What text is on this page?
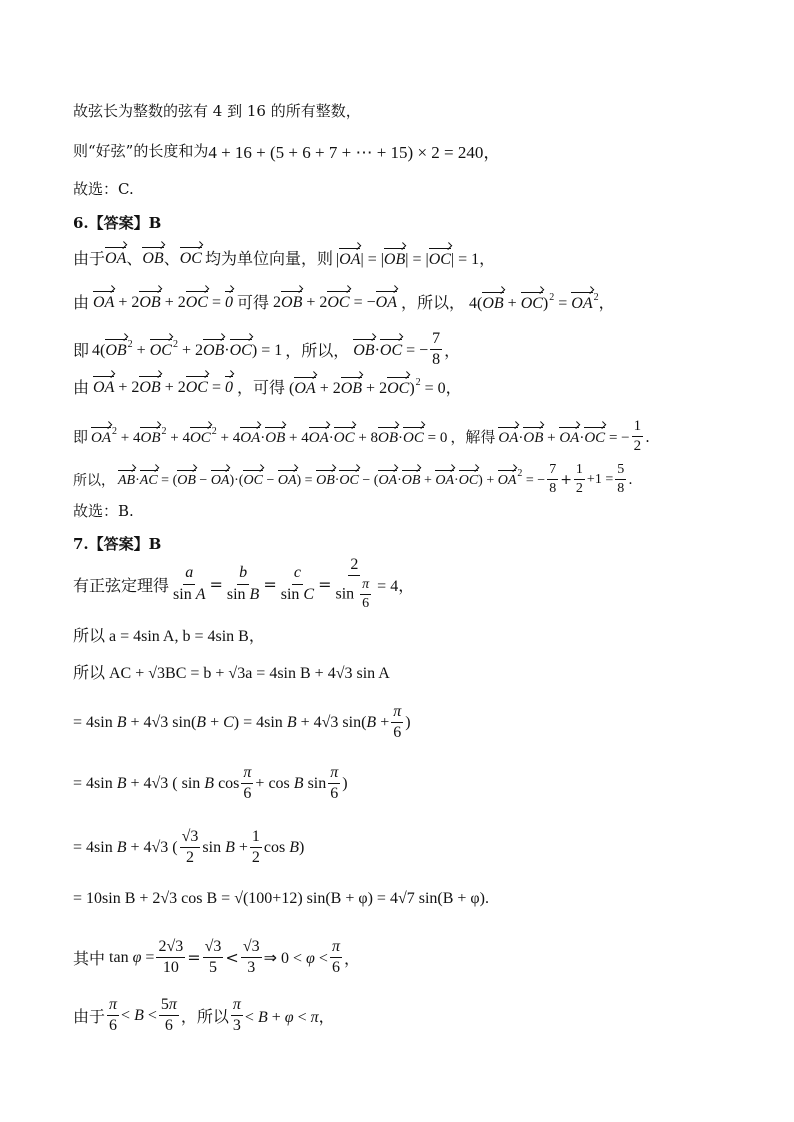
故弦长为整数的弦有 4 到 16 的所有整数，
则“好弦”的长度和为 4 + 16 + (5 + 6 + 7 + ⋯ + 15) × 2 = 240，
故选：C.
6.【答案】B
由于 OA 、 OB 、 OC 均为单位向量，则 |OA| = |OB| = |OC| = 1，
由 OA + 2OB + 2OC = 0 可得 2OB + 2OC = −OA ，所以， $4(OB + OC)^2 = OA^2$，
即 $4(OB^2 + OC^2 + 2OB\cdot OC) = 1$ ，所以， OB·OC = − $\frac{7}{8}$ ，
由 OA + 2OB + 2OC = 0 ， 可得 (OA + 2OB + 2OC)$^2$ = 0，
即 $OA^2 + 4OB^2 + 4OC^2 + 4OA\cdot OB + 4OA\cdot OC + 8OB\cdot OC = 0$ ，解得 OA·OB + OA·OC = − $\frac{1}{2}$ .
所以， $AB\cdot AC = (OB - OA)\cdot(OC - OA) = OB\cdot OC - (OA\cdot OB + OA\cdot OC) + OA^2$ = − $\frac{7}{8} + \frac{1}{2} +1 = \frac{5}{8}$ .
故选：B.
7.【答案】B
有正弦定理得 $\frac{a}{\text{sin A}} = \frac{b}{\text{sin B}} = \frac{c}{\text{sin C}} = \frac{2}{\sin \frac{\pi}{6}} = 4$，
所以 a = 4sin A, b = 4sin B，
所以 AC + √3BC = b + √3a = 4sin B + 4√3 sin A
= 4sin B + 4√3 sin(B + C) = 4sin B + 4√3 $\sin(B + \frac{\pi}{6}$ )
= 4sin B + 4√3 ( sin B $\cos \frac{\pi}{6} + \cos B$ $\sin \frac{\pi}{6}$ )
= 4sin B + 4√3 ( $\frac{√3}{2}$ $\sin B + \frac{1}{2}$ cos B)
= 10sin B + 2√3 cos B = √(100+12) sin(B + φ) = 4√7 sin(B + φ).
其中 $\tan \varphi = \frac{2√3}{10} = \frac{√3}{5} < \frac{√3}{3}$ ⇒ $0 < \varphi < \frac{\pi}{6}$ ，
由于 $\frac{\pi}{6} < B < \frac{5\pi}{6}$ ，所以 $\frac{\pi}{3} < B + \varphi < \pi$，
